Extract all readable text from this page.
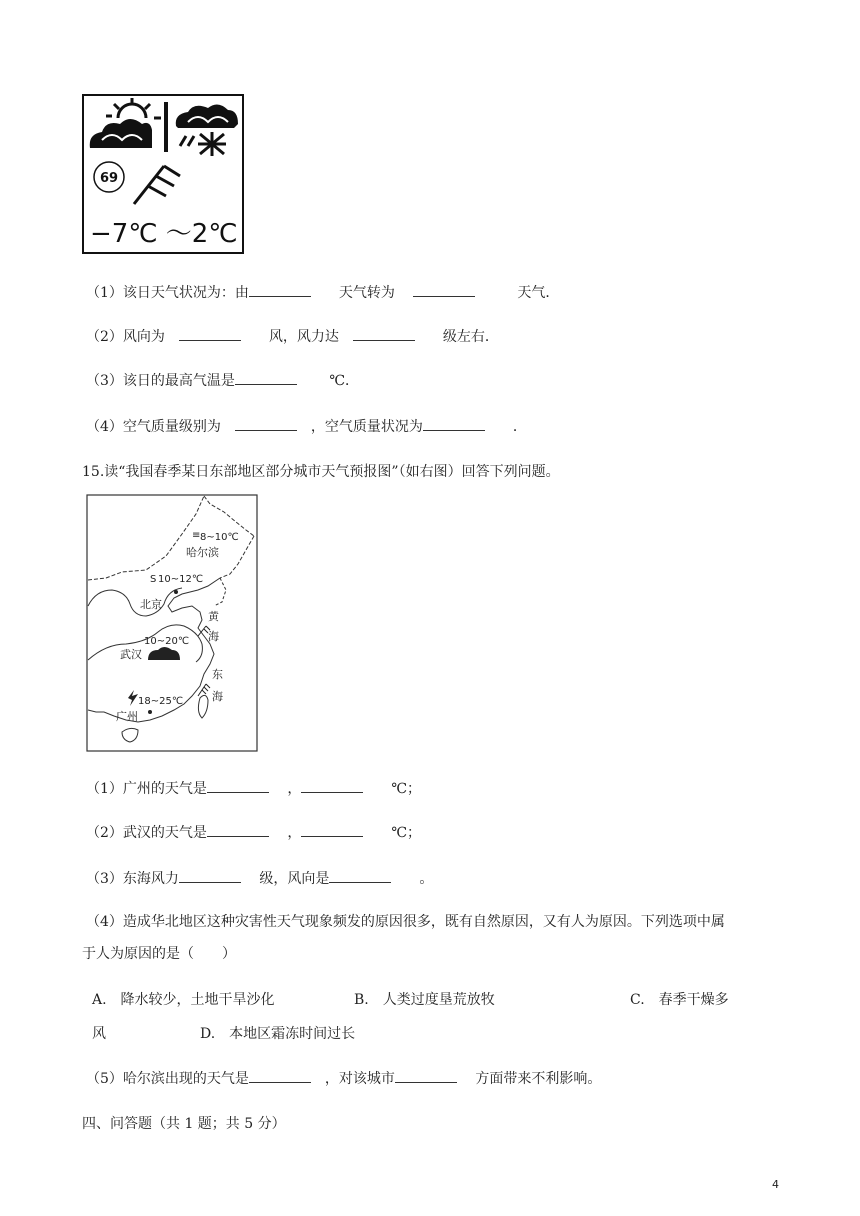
69
−7℃ ～2℃
（1）该日天气状况为：由　　	天气转为　 　　　	天气．
（2）风向为　　　	风，风力达　　　	级左右．
（3）该日的最高气温是　　	℃．
（4）空气质量级别为　　	，空气质量状况为　　	．
15.读“我国春季某日东部地区部分城市天气预报图”（如右图）回答下列问题。
8~10℃
≡
哈尔滨
S 10~12℃
北京
黄
海
10~20℃
武汉
东
海
18~25℃
广州
（1）广州的天气是　	，　　	℃；
（2）武汉的天气是　	，　　	℃；
（3）东海风力　	级，风向是　　	。
（4）造成华北地区这种灾害性天气现象频发的原因很多，既有自然原因，又有人为原因。下列选项中属
于人为原因的是（　　）
A.　降水较少，土地干旱沙化	B.　人类过度垦荒放牧	C.　春季干燥多
风	D.　本地区霜冻时间过长
（5）哈尔滨出现的天气是　	，对该城市　	方面带来不利影响。
四、问答题（共 1 题；共 5 分）
4
